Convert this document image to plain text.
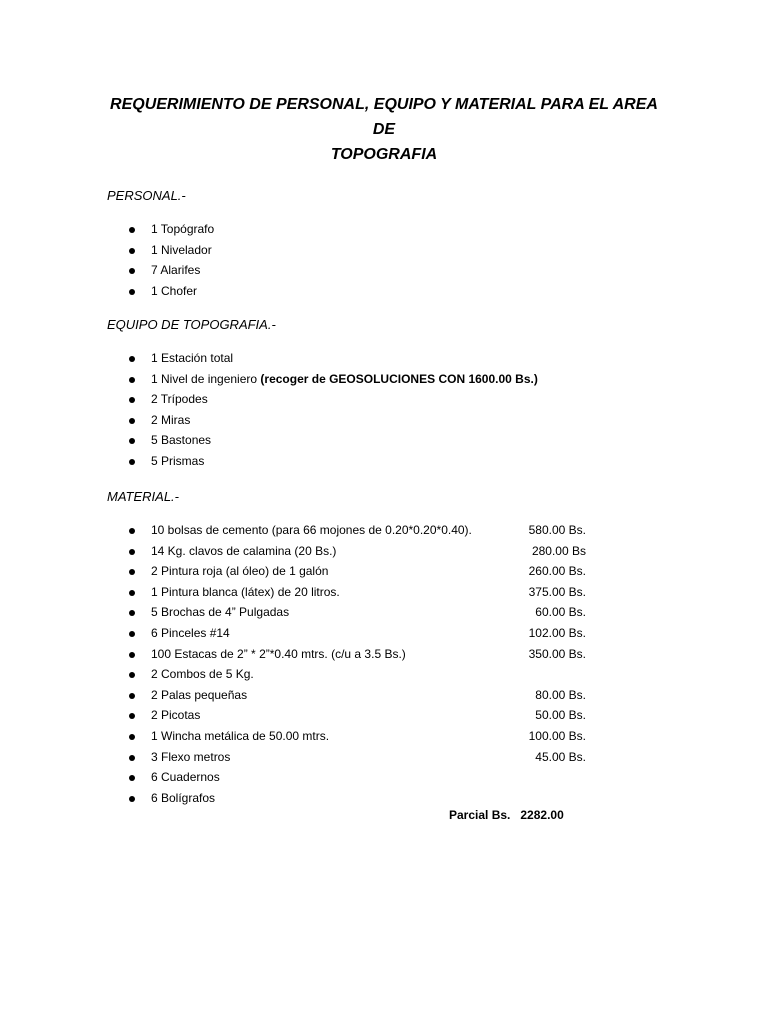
REQUERIMIENTO DE PERSONAL, EQUIPO Y MATERIAL PARA EL AREA DE
TOPOGRAFIA
PERSONAL.-
1 Topógrafo
1 Nivelador
7 Alarifes
1 Chofer
EQUIPO DE TOPOGRAFIA.-
1 Estación total
1 Nivel de ingeniero (recoger de GEOSOLUCIONES CON 1600.00 Bs.)
2 Trípodes
2 Miras
5 Bastones
5 Prismas
MATERIAL.-
10 bolsas de cemento (para 66 mojones de 0.20*0.20*0.40).	580.00 Bs.
14 Kg. clavos de calamina (20 Bs.)	280.00 Bs
2 Pintura roja (al óleo) de 1 galón	260.00 Bs.
1 Pintura blanca (látex) de 20 litros.	375.00 Bs.
5 Brochas de 4” Pulgadas	60.00 Bs.
6 Pinceles #14	102.00 Bs.
100 Estacas de 2” * 2”*0.40 mtrs. (c/u a 3.5 Bs.)	350.00 Bs.
2 Combos de 5 Kg.
2 Palas pequeñas	80.00 Bs.
2 Picotas	50.00 Bs.
1 Wincha metálica de 50.00 mtrs.	100.00 Bs.
3 Flexo metros	45.00 Bs.
6 Cuadernos
6 Bolígrafos
Parcial Bs. 2282.00
